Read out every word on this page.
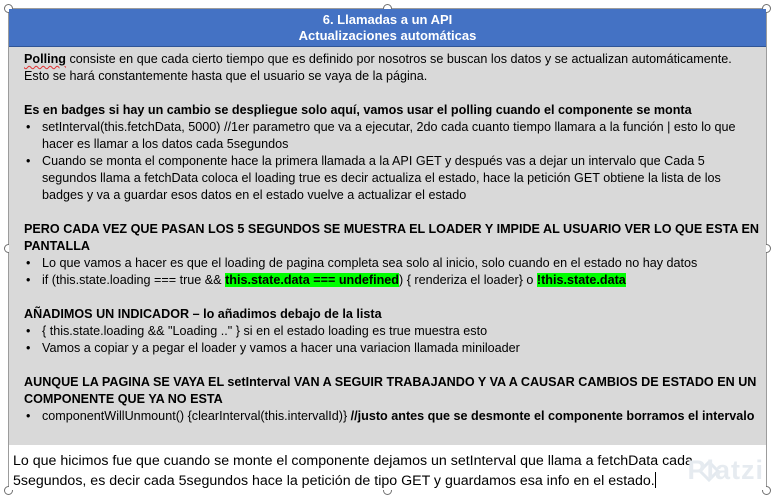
6. Llamadas a un API
Actualizaciones automáticas

Polling consiste en que cada cierto tiempo que es definido por nosotros se buscan los datos y se actualizan automáticamente.

Esto se hará constantemente hasta que el usuario se vaya de la página.

Es en badges si hay un cambio se despliegue solo aquí, vamos usar el polling cuando el componente se monta

• setInterval(this.fetchData, 5000) //1er parametro que va a ejecutar, 2do cada cuanto tiempo llamara a la función | esto lo que hacer es llamar a los datos cada 5segundos
• Cuando se monta el componente hace la primera llamada a la API GET y después vas a dejar un intervalo que Cada 5 segundos llama a fetchData coloca el loading true es decir actualiza el estado, hace la petición GET obtiene la lista de los badges y va a guardar esos datos en el estado vuelve a actualizar el estado

PERO CADA VEZ QUE PASAN LOS 5 SEGUNDOS SE MUESTRA EL LOADER Y IMPIDE AL USUARIO VER LO QUE ESTA EN PANTALLA

• Lo que vamos a hacer es que el loading de pagina completa sea solo al inicio, solo cuando en el estado no hay datos
• if (this.state.loading === true && this.state.data === undefined) { renderiza el loader} o !this.state.data

AÑADIMOS UN INDICADOR – lo añadimos debajo de la lista

• { this.state.loading && "Loading .." } si en el estado loading es true muestra esto
• Vamos a copiar y a pegar el loader y vamos a hacer una variacion llamada miniloader

AUNQUE LA PAGINA SE VAYA EL setInterval VAN A SEGUIR TRABAJANDO Y VA A CAUSAR CAMBIOS DE ESTADO EN UN COMPONENTE QUE YA NO ESTA

• componentWillUnmount() {clearInterval(this.intervalId)} //justo antes que se desmonte el componente borramos el intervalo
Lo que hicimos fue que cuando se monte el componente dejamos un setInterval que llama a fetchData cada 5segundos, es decir cada 5segundos hace la petición de tipo GET y guardamos esa info en el estado.	Platzi
